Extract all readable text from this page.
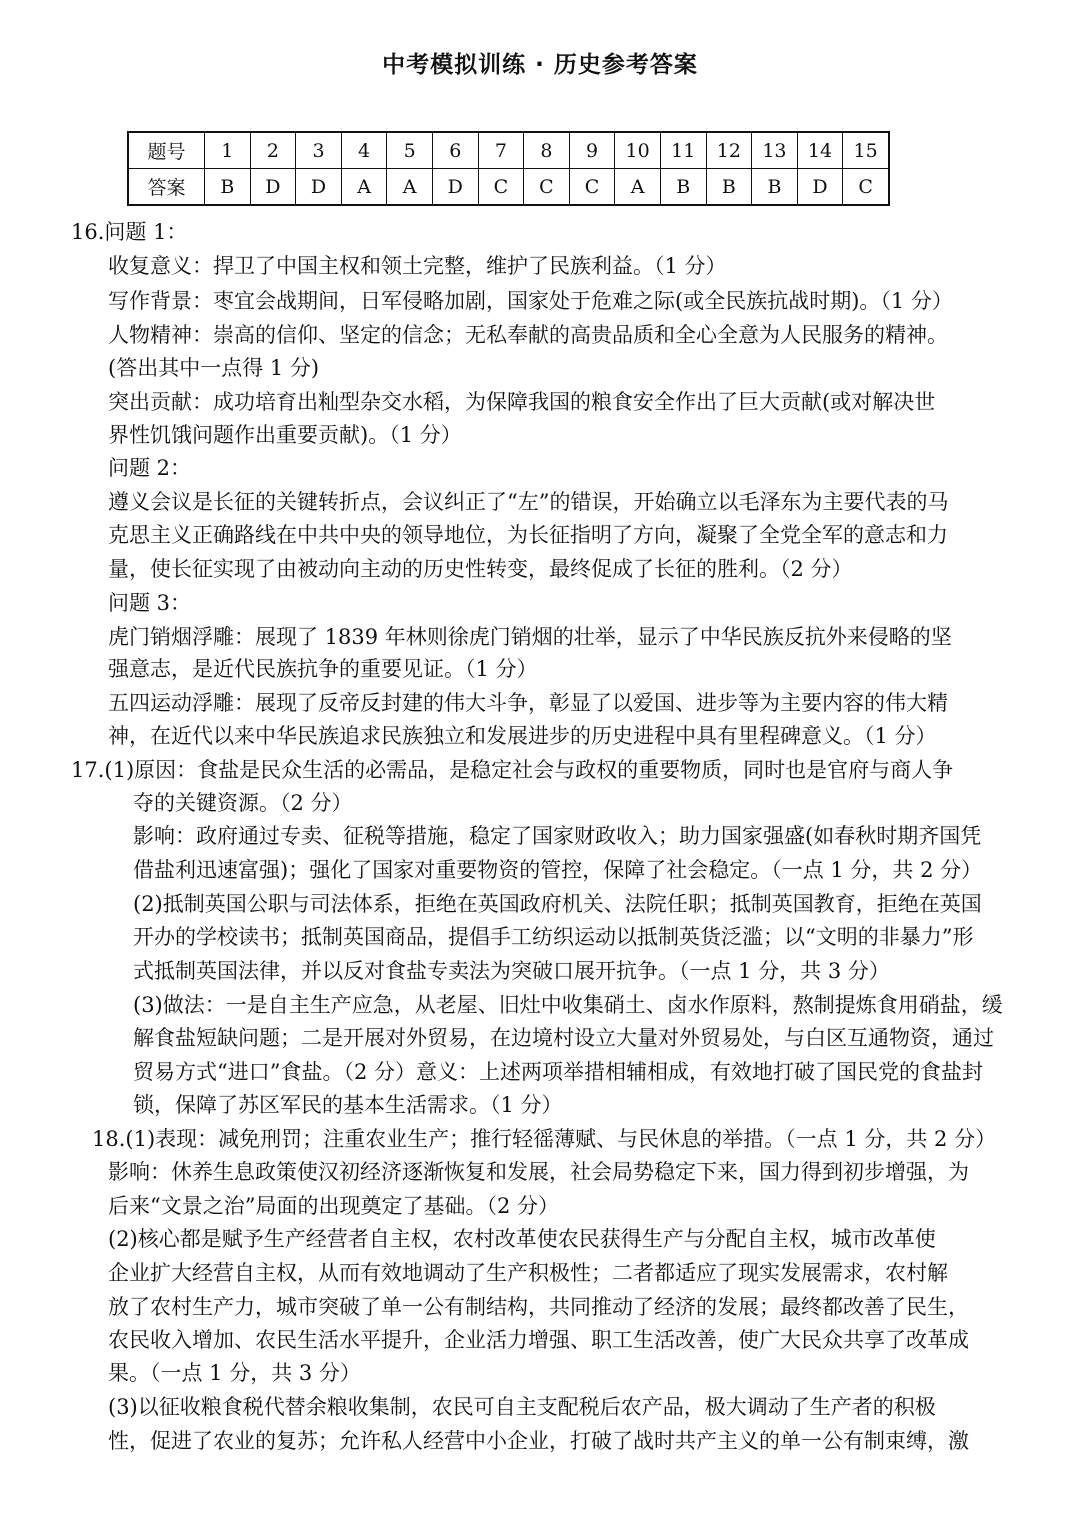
中考模拟训练 · 历史参考答案
题号	1	2	3	4	5	6	7	8	9	10	11	12	13	14	15
答案	B	D	D	A	A	D	C	C	C	A	B	B	B	D	C
16.问题 1：
收复意义：捍卫了中国主权和领土完整，维护了民族利益。（1 分）
写作背景：枣宜会战期间，日军侵略加剧，国家处于危难之际(或全民族抗战时期)。（1 分）
人物精神：崇高的信仰、坚定的信念；无私奉献的高贵品质和全心全意为人民服务的精神。
(答出其中一点得 1 分)
突出贡献：成功培育出籼型杂交水稻，为保障我国的粮食安全作出了巨大贡献(或对解决世
界性饥饿问题作出重要贡献)。（1 分）
问题 2：
遵义会议是长征的关键转折点，会议纠正了“左”的错误，开始确立以毛泽东为主要代表的马
克思主义正确路线在中共中央的领导地位，为长征指明了方向，凝聚了全党全军的意志和力
量，使长征实现了由被动向主动的历史性转变，最终促成了长征的胜利。（2 分）
问题 3：
虎门销烟浮雕：展现了 1839 年林则徐虎门销烟的壮举，显示了中华民族反抗外来侵略的坚
强意志，是近代民族抗争的重要见证。（1 分）
五四运动浮雕：展现了反帝反封建的伟大斗争，彰显了以爱国、进步等为主要内容的伟大精
神，在近代以来中华民族追求民族独立和发展进步的历史进程中具有里程碑意义。（1 分）
17.(1)原因：食盐是民众生活的必需品，是稳定社会与政权的重要物质，同时也是官府与商人争
夺的关键资源。（2 分）
影响：政府通过专卖、征税等措施，稳定了国家财政收入；助力国家强盛(如春秋时期齐国凭
借盐利迅速富强)；强化了国家对重要物资的管控，保障了社会稳定。（一点 1 分，共 2 分）
(2)抵制英国公职与司法体系，拒绝在英国政府机关、法院任职；抵制英国教育，拒绝在英国
开办的学校读书；抵制英国商品，提倡手工纺织运动以抵制英货泛滥；以“文明的非暴力”形
式抵制英国法律，并以反对食盐专卖法为突破口展开抗争。（一点 1 分，共 3 分）
(3)做法：一是自主生产应急，从老屋、旧灶中收集硝土、卤水作原料，熬制提炼食用硝盐，缓
解食盐短缺问题；二是开展对外贸易，在边境村设立大量对外贸易处，与白区互通物资，通过
贸易方式“进口”食盐。（2 分）意义：上述两项举措相辅相成，有效地打破了国民党的食盐封
锁，保障了苏区军民的基本生活需求。（1 分）
18.(1)表现：减免刑罚；注重农业生产；推行轻徭薄赋、与民休息的举措。（一点 1 分，共 2 分）
影响：休养生息政策使汉初经济逐渐恢复和发展，社会局势稳定下来，国力得到初步增强，为
后来“文景之治”局面的出现奠定了基础。（2 分）
(2)核心都是赋予生产经营者自主权，农村改革使农民获得生产与分配自主权，城市改革使
企业扩大经营自主权，从而有效地调动了生产积极性；二者都适应了现实发展需求，农村解
放了农村生产力，城市突破了单一公有制结构，共同推动了经济的发展；最终都改善了民生，
农民收入增加、农民生活水平提升，企业活力增强、职工生活改善，使广大民众共享了改革成
果。（一点 1 分，共 3 分）
(3)以征收粮食税代替余粮收集制，农民可自主支配税后农产品，极大调动了生产者的积极
性，促进了农业的复苏；允许私人经营中小企业，打破了战时共产主义的单一公有制束缚，激
